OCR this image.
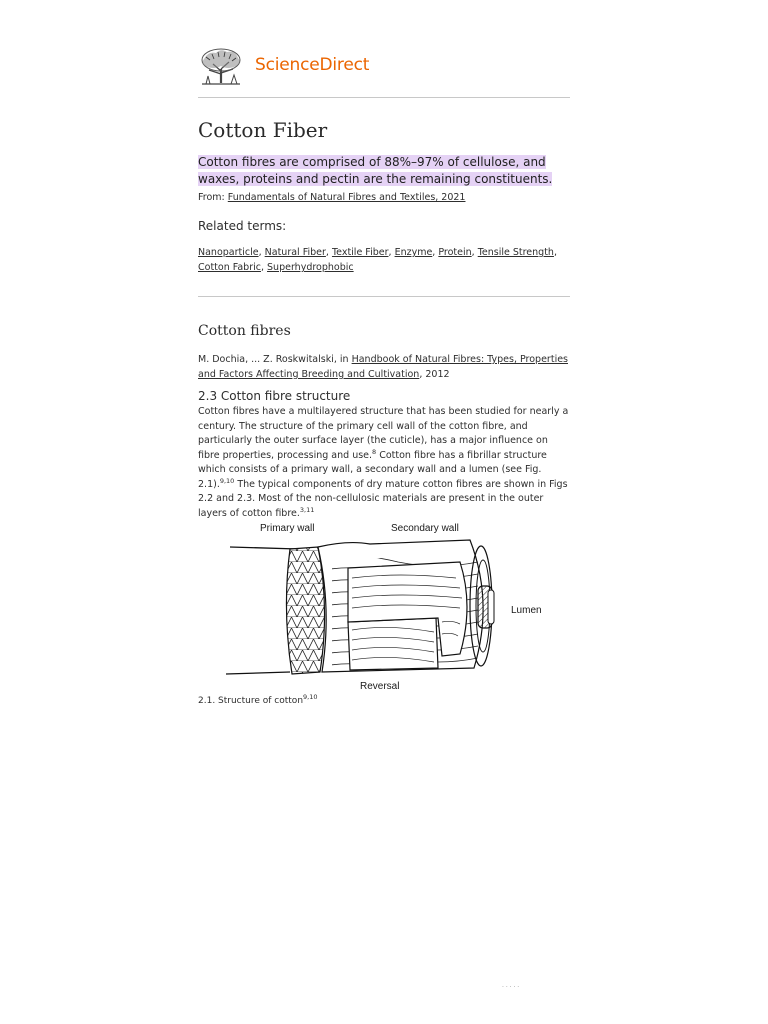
ScienceDirect
Cotton Fiber
Cotton fibres are comprised of 88%–97% of cellulose, and waxes, proteins and pectin are the remaining constituents.
From: Fundamentals of Natural Fibres and Textiles, 2021
Related terms:
Nanoparticle, Natural Fiber, Textile Fiber, Enzyme, Protein, Tensile Strength, Cotton Fabric, Superhydrophobic
Cotton fibres
M. Dochia, ... Z. Roskwitalski, in Handbook of Natural Fibres: Types, Properties and Factors Affecting Breeding and Cultivation, 2012
2.3 Cotton fibre structure
Cotton fibres have a multilayered structure that has been studied for nearly a century. The structure of the primary cell wall of the cotton fibre, and particularly the outer surface layer (the cuticle), has a major influence on fibre properties, processing and use.$^8$ Cotton fibre has a fibrillar structure which consists of a primary wall, a secondary wall and a lumen (see Fig. 2.1).$^{9,10}$ The typical components of dry mature cotton fibres are shown in Figs 2.2 and 2.3. Most of the non-cellulosic materials are present in the outer layers of cotton fibre.$^{3,11}$
Primary wall	Secondary wall
Lumen
Reversal
2.1. Structure of cotton$^{9,10}$
· · · · ·
